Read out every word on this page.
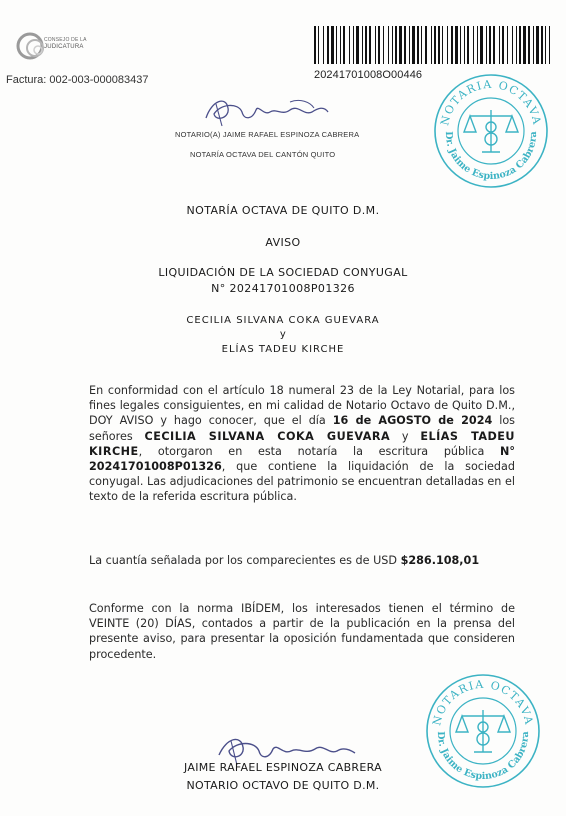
CONSEJO DE LA
JUDICATURA
Factura: 002-003-000083437	20241701008O00446
NOTARIO(A) JAIME RAFAEL ESPINOZA CABRERA
NOTARÍA OCTAVA DEL CANTÓN QUITO
NOTARIA OCTAVA
Dr. Jaime Espinoza Cabrera
NOTARÍA OCTAVA DE QUITO D.M.
AVISO
LIQUIDACIÓN DE LA SOCIEDAD CONYUGAL
N° 20241701008P01326
CECILIA SILVANA COKA GUEVARA
y
ELÍAS TADEU KIRCHE
En conformidad con el artículo 18 numeral 23 de la Ley Notarial, para los fines legales consiguientes, en mi calidad de Notario Octavo de Quito D.M., DOY AVISO y hago conocer, que el día 16 de AGOSTO de 2024 los señores CECILIA SILVANA COKA GUEVARA y ELÍAS TADEU KIRCHE, otorgaron en esta notaría la escritura pública N° 20241701008P01326, que contiene la liquidación de la sociedad conyugal. Las adjudicaciones del patrimonio se encuentran detalladas en el texto de la referida escritura pública.
La cuantía señalada por los comparecientes es de USD $286.108,01
Conforme con la norma IBÍDEM, los interesados tienen el término de VEINTE (20) DÍAS, contados a partir de la publicación en la prensa del presente aviso, para presentar la oposición fundamentada que consideren procedente.
NOTARIA OCTAVA
Dr. Jaime Espinoza Cabrera
JAIME RAFAEL ESPINOZA CABRERA
NOTARIO OCTAVO DE QUITO D.M.
